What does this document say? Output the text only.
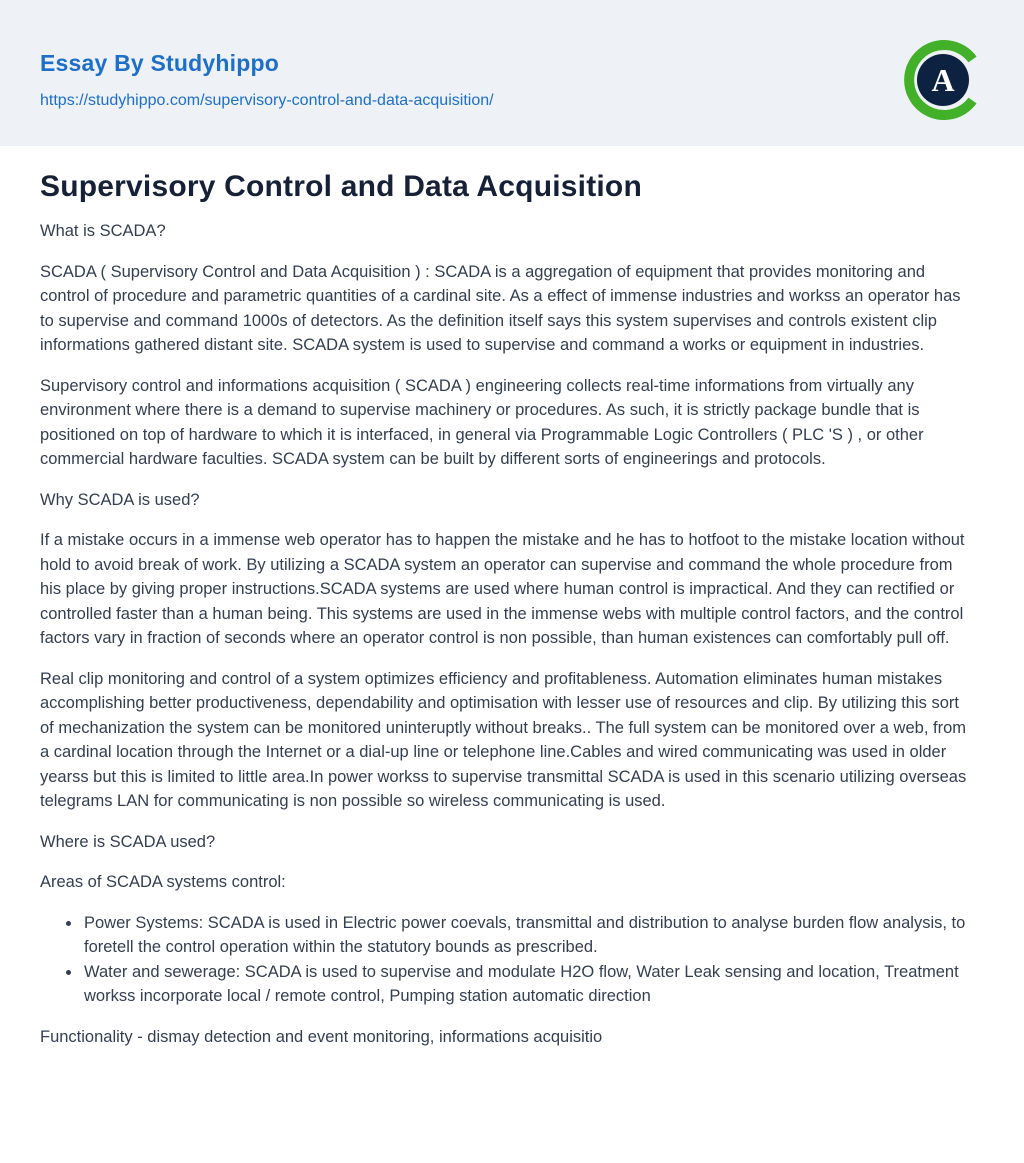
Essay By Studyhippo
https://studyhippo.com/supervisory-control-and-data-acquisition/
A
Supervisory Control and Data Acquisition

What is SCADA?

SCADA ( Supervisory Control and Data Acquisition ) : SCADA is a aggregation of equipment that provides monitoring and control of procedure and parametric quantities of a cardinal site. As a effect of immense industries and workss an operator has to supervise and command 1000s of detectors. As the definition itself says this system supervises and controls existent clip informations gathered distant site. SCADA system is used to supervise and command a works or equipment in industries.

Supervisory control and informations acquisition ( SCADA ) engineering collects real-time informations from virtually any environment where there is a demand to supervise machinery or procedures. As such, it is strictly package bundle that is positioned on top of hardware to which it is interfaced, in general via Programmable Logic Controllers ( PLC 'S ) , or other commercial hardware faculties. SCADA system can be built by different sorts of engineerings and protocols.

Why SCADA is used?

If a mistake occurs in a immense web operator has to happen the mistake and he has to hotfoot to the mistake location without hold to avoid break of work. By utilizing a SCADA system an operator can supervise and command the whole procedure from his place by giving proper instructions.SCADA systems are used where human control is impractical. And they can rectified or controlled faster than a human being. This systems are used in the immense webs with multiple control factors, and the control factors vary in fraction of seconds where an operator control is non possible, than human existences can comfortably pull off.

Real clip monitoring and control of a system optimizes efficiency and profitableness. Automation eliminates human mistakes accomplishing better productiveness, dependability and optimisation with lesser use of resources and clip. By utilizing this sort of mechanization the system can be monitored uninteruptly without breaks.. The full system can be monitored over a web, from a cardinal location through the Internet or a dial-up line or telephone line.Cables and wired communicating was used in older yearss but this is limited to little area.In power workss to supervise transmittal SCADA is used in this scenario utilizing overseas telegrams LAN for communicating is non possible so wireless communicating is used.

Where is SCADA used?

Areas of SCADA systems control:

• Power Systems: SCADA is used in Electric power coevals, transmittal and distribution to analyse burden flow analysis, to foretell the control operation within the statutory bounds as prescribed.
• Water and sewerage: SCADA is used to supervise and modulate H2O flow, Water Leak sensing and location, Treatment workss incorporate local / remote control, Pumping station automatic direction

Functionality - dismay detection and event monitoring, informations acquisitio
